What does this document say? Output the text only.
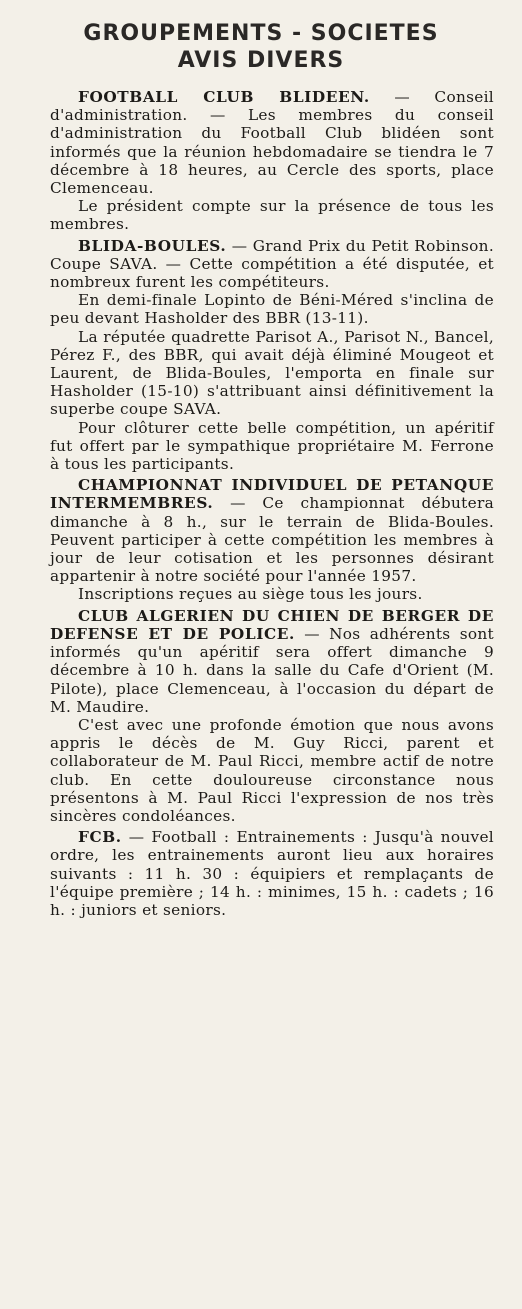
GROUPEMENTS - SOCIETES
AVIS DIVERS

FOOTBALL CLUB BLIDEEN. — Conseil d'administration. — Les membres du conseil d'administration du Football Club blidéen sont informés que la réunion hebdomadaire se tiendra le 7 décembre à 18 heures, au Cercle des sports, place Clemenceau.

Le président compte sur la présence de tous les membres.

BLIDA-BOULES. — Grand Prix du Petit Robinson. Coupe SAVA. — Cette compétition a été disputée, et nombreux furent les compétiteurs.

En demi-finale Lopinto de Béni-Méred s'inclina de peu devant Hasholder des BBR (13-11).

La réputée quadrette Parisot A., Parisot N., Bancel, Pérez F., des BBR, qui avait déjà éliminé Mougeot et Laurent, de Blida-Boules, l'emporta en finale sur Hasholder (15-10) s'attribuant ainsi définitivement la superbe coupe SAVA.

Pour clôturer cette belle compétition, un apéritif fut offert par le sympathique propriétaire M. Ferrone à tous les participants.

CHAMPIONNAT INDIVIDUEL DE PETANQUE INTERMEMBRES. — Ce championnat débutera dimanche à 8 h., sur le terrain de Blida-Boules. Peuvent participer à cette compétition les membres à jour de leur cotisation et les personnes désirant appartenir à notre société pour l'année 1957.

Inscriptions reçues au siège tous les jours.

CLUB ALGERIEN DU CHIEN DE BERGER DE DEFENSE ET DE POLICE. — Nos adhérents sont informés qu'un apéritif sera offert dimanche 9 décembre à 10 h. dans la salle du Cafe d'Orient (M. Pilote), place Clemenceau, à l'occasion du départ de M. Maudire.

C'est avec une profonde émotion que nous avons appris le décès de M. Guy Ricci, parent et collaborateur de M. Paul Ricci, membre actif de notre club. En cette douloureuse circonstance nous présentons à M. Paul Ricci l'expression de nos très sincères condoléances.

FCB. — Football : Entrainements : Jusqu'à nouvel ordre, les entrainements auront lieu aux horaires suivants : 11 h. 30 : équipiers et remplaçants de l'équipe première ; 14 h. : minimes, 15 h. : cadets ; 16 h. : juniors et seniors.
